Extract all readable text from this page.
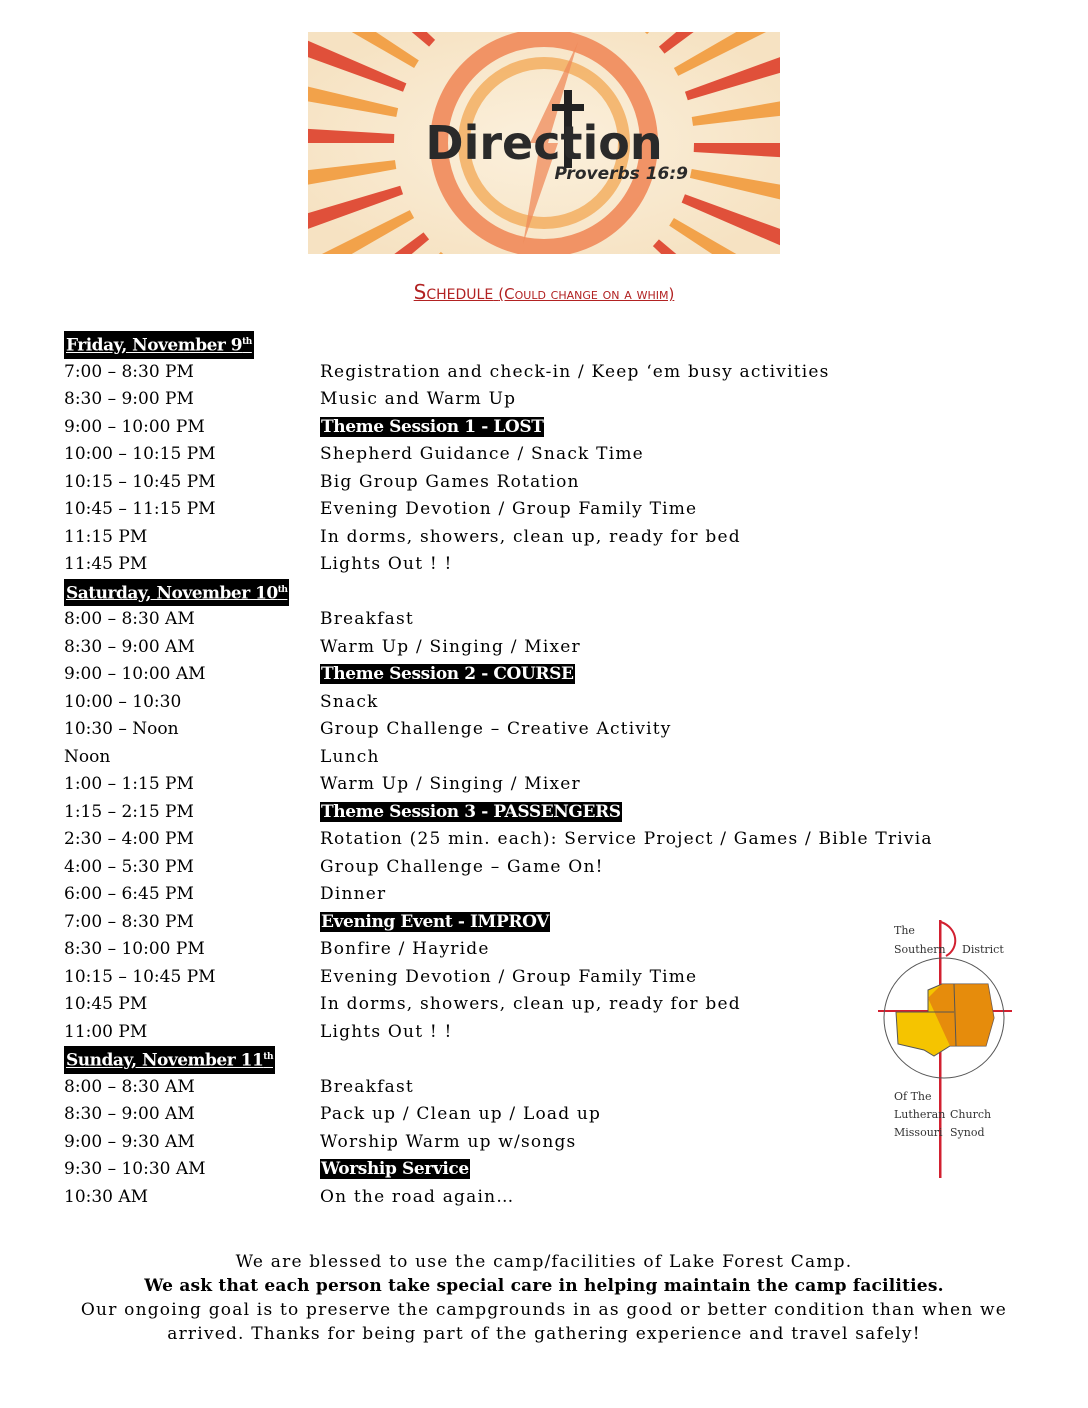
Direction
Proverbs 16:9
Schedule (Could change on a whim)
Friday, November 9th
7:00 – 8:30 PM	Registration and check-in / Keep ‘em busy activities
8:30 – 9:00 PM	Music and Warm Up
9:00 – 10:00 PM	Theme Session 1 - LOST
10:00 – 10:15 PM	Shepherd Guidance / Snack Time
10:15 – 10:45 PM	Big Group Games Rotation
10:45 – 11:15 PM	Evening Devotion / Group Family Time
11:15 PM	In dorms, showers, clean up, ready for bed
11:45 PM	Lights Out ! !
Saturday, November 10th
8:00 – 8:30 AM	Breakfast
8:30 – 9:00 AM	Warm Up / Singing / Mixer
9:00 – 10:00 AM	Theme Session 2 - COURSE
10:00 – 10:30	Snack
10:30 – Noon	Group Challenge – Creative Activity
Noon	Lunch
1:00 – 1:15 PM	Warm Up / Singing / Mixer
1:15 – 2:15 PM	Theme Session 3 - PASSENGERS
2:30 – 4:00 PM	Rotation (25 min. each): Service Project / Games / Bible Trivia
4:00 – 5:30 PM	Group Challenge – Game On!
6:00 – 6:45 PM	Dinner
7:00 – 8:30 PM	Evening Event - IMPROV
8:30 – 10:00 PM	Bonfire / Hayride
10:15 – 10:45 PM	Evening Devotion / Group Family Time
10:45 PM	In dorms, showers, clean up, ready for bed
11:00 PM	Lights Out ! !
Sunday, November 11th
8:00 – 8:30 AM	Breakfast
8:30 – 9:00 AM	Pack up / Clean up / Load up
9:00 – 9:30 AM	Worship Warm up w/songs
9:30 – 10:30 AM	Worship Service
10:30 AM	On the road again…
The
Southern District
Of The
Lutheran Church
Missouri Synod
We are blessed to use the camp/facilities of Lake Forest Camp.
We ask that each person take special care in helping maintain the camp facilities.
Our ongoing goal is to preserve the campgrounds in as good or better condition than when we
arrived. Thanks for being part of the gathering experience and travel safely!
